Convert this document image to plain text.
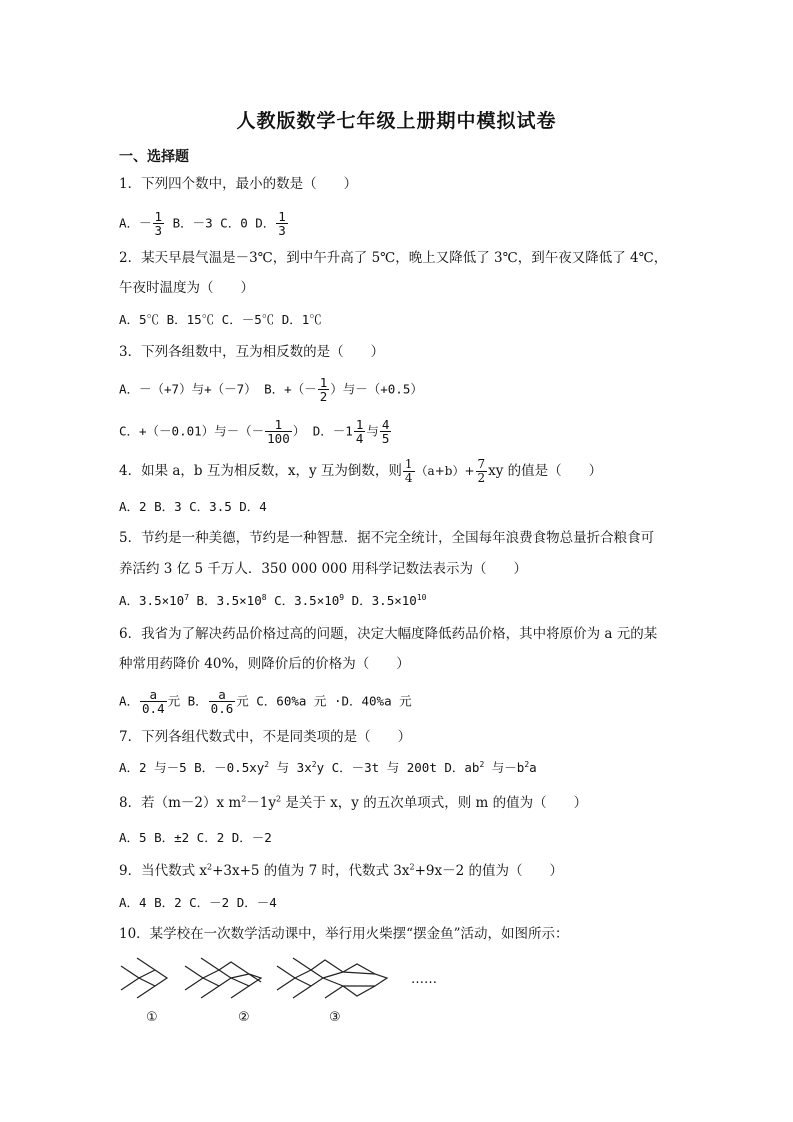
人教版数学七年级上册期中模拟试卷
一、选择题
1．下列四个数中，最小的数是（　　）
A．－ $\frac{1}{3}$ B．－3 C．0 D． $\frac{1}{3}$
2．某天早晨气温是－3℃，到中午升高了 5℃，晚上又降低了 3℃，到午夜又降低了 4℃，
午夜时温度为（　　）
A．5℃ B．15℃ C．－5℃ D．1℃
3．下列各组数中，互为相反数的是（　　）
A．－（+7）与+（－7） B．+（－ $\frac{1}{2}$ ）与－（+0.5）
C．+（－0.01）与－（－ $\frac{1}{100}$ ） D．$-1 \frac{1}{4}$ 与 $\frac{4}{5}$
4．如果 a，b 互为相反数，x，y 互为倒数，则 $\frac{1}{4} (a+b)+ \frac{7}{2}$ xy 的值是（　　）
A．2 B．3 C．3.5 D．4
5．节约是一种美德，节约是一种智慧．据不完全统计，全国每年浪费食物总量折合粮食可
养活约 3 亿 5 千万人．350 000 000 用科学记数法表示为（　　）
A．$3.5\times 10^7$ B．$3.5\times 10^8$ C．$3.5\times 10^9$ D．$3.5\times 10^{10}$
6．我省为了解决药品价格过高的问题，决定大幅度降低药品价格，其中将原价为 a 元的某
种常用药降价 40%，则降价后的价格为（　　）
A． $\frac{a}{0.4}$ 元 B． $\frac{a}{0.6}$ 元 C．60%a 元 ·D．40%a 元
7．下列各组代数式中，不是同类项的是（　　）
A．2 与－5 B．$-0.5xy^2$ 与 $3x^2y$ C．－3t 与 200t D．$ab^2$ 与$-b^2a$
8．若（m－2）x $m^2-1y^2$ 是关于 x，y 的五次单项式，则 m 的值为（　　）
A．5 B．±2 C．2 D．－2
9．当代数式 $x^2+3x+5$ 的值为 7 时，代数式 $3x^2+9x-2$ 的值为（　　）
A．4 B．2 C．－2 D．－4
10．某学校在一次数学活动课中，举行用火柴摆“摆金鱼”活动，如图所示：
……
①	②	③
